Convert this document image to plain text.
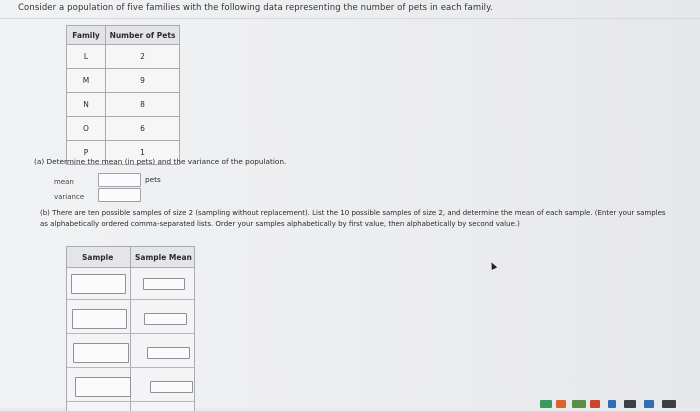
Consider a population of five families with the following data representing the number of pets in each family.
Family	Number of Pets
L	2
M	9
N	8
O	6
P	1
(a) Determine the mean (in pets) and the variance of the population.
mean	pets
variance
(b) There are ten possible samples of size 2 (sampling without replacement). List the 10 possible samples of size 2, and determine the mean of each sample. (Enter your samples as alphabetically ordered comma-separated lists. Order your samples alphabetically by first value, then alphabetically by second value.)
Sample	Sample Mean
